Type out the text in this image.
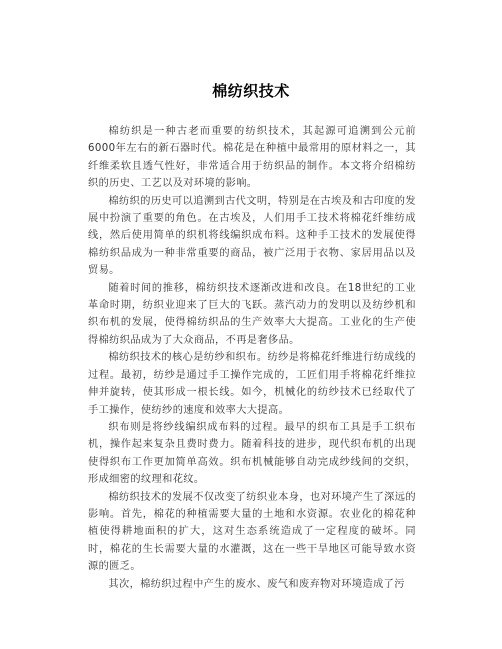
棉纺织技术

棉纺织是一种古老而重要的纺织技术，其起源可追溯到公元前6000年左右的新石器时代。棉花是在种植中最常用的原材料之一，其纤维柔软且透气性好，非常适合用于纺织品的制作。本文将介绍棉纺织的历史、工艺以及对环境的影响。

棉纺织的历史可以追溯到古代文明，特别是在古埃及和古印度的发展中扮演了重要的角色。在古埃及，人们用手工技术将棉花纤维纺成线，然后使用简单的织机将线编织成布料。这种手工技术的发展使得棉纺织品成为一种非常重要的商品，被广泛用于衣物、家居用品以及贸易。

随着时间的推移，棉纺织技术逐渐改进和改良。在18世纪的工业革命时期，纺织业迎来了巨大的飞跃。蒸汽动力的发明以及纺纱机和织布机的发展，使得棉纺织品的生产效率大大提高。工业化的生产使得棉纺织品成为了大众商品，不再是奢侈品。

棉纺织技术的核心是纺纱和织布。纺纱是将棉花纤维进行纺成线的过程。最初，纺纱是通过手工操作完成的，工匠们用手将棉花纤维拉伸并旋转，使其形成一根长线。如今，机械化的纺纱技术已经取代了手工操作，使纺纱的速度和效率大大提高。

织布则是将纱线编织成布料的过程。最早的织布工具是手工织布机，操作起来复杂且费时费力。随着科技的进步，现代织布机的出现使得织布工作更加简单高效。织布机械能够自动完成纱线间的交织，形成细密的纹理和花纹。

棉纺织技术的发展不仅改变了纺织业本身，也对环境产生了深远的影响。首先，棉花的种植需要大量的土地和水资源。农业化的棉花种植使得耕地面积的扩大，这对生态系统造成了一定程度的破坏。同时，棉花的生长需要大量的水灌溉，这在一些干旱地区可能导致水资源的匮乏。

其次，棉纺织过程中产生的废水、废气和废弃物对环境造成了污
